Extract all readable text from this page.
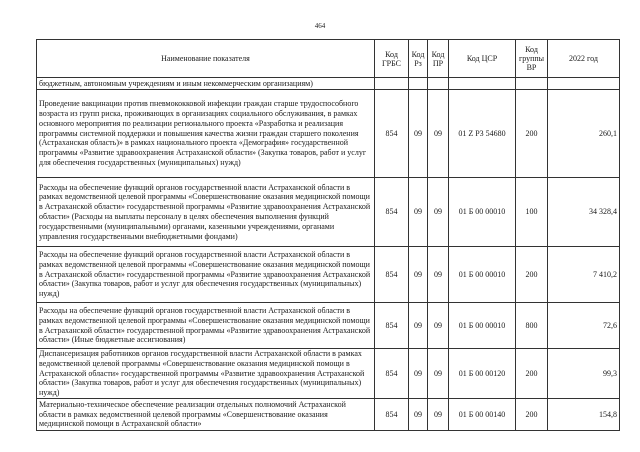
464
Наименование показателя	Код ГРБС	Код Рз	Код ПР	Код ЦСР	Код группы ВР	2022 год
бюджетным, автономным учреждениям и иным некоммерческим организациям)						
Проведение вакцинации против пневмококковой инфекции граждан старше трудоспособного возраста из групп риска, проживающих в организациях социального обслуживания, в рамках основного мероприятия по реализации регионального проекта «Разработка и реализация программы системной поддержки и повышения качества жизни граждан старшего поколения (Астраханская область)» в рамках национального проекта «Демография» государственной программы «Развитие здравоохранения Астраханской области» (Закупка товаров, работ и услуг для обеспечения государственных (муниципальных) нужд)	854	09	09	01 Z P3 54680	200	260,1
Расходы на обеспечение функций органов государственной власти Астраханской области в рамках ведомственной целевой программы «Совершенствование оказания медицинской помощи в Астраханской области» государственной программы «Развитие здравоохранения Астраханской области» (Расходы на выплаты персоналу в целях обеспечения выполнения функций государственными (муниципальными) органами, казенными учреждениями, органами управления государственными внебюджетными фондами)	854	09	09	01 Б 00 00010	100	34 328,4
Расходы на обеспечение функций органов государственной власти Астраханской области в рамках ведомственной целевой программы «Совершенствование оказания медицинской помощи в Астраханской области» государственной программы «Развитие здравоохранения Астраханской области» (Закупка товаров, работ и услуг для обеспечения государственных (муниципальных) нужд)	854	09	09	01 Б 00 00010	200	7 410,2
Расходы на обеспечение функций органов государственной власти Астраханской области в рамках ведомственной целевой программы «Совершенствование оказания медицинской помощи в Астраханской области» государственной программы «Развитие здравоохранения Астраханской области» (Иные бюджетные ассигнования)	854	09	09	01 Б 00 00010	800	72,6
Диспансеризация работников органов государственной власти Астраханской области в рамках ведомственной целевой программы «Совершенствование оказания медицинской помощи в Астраханской области» государственной программы «Развитие здравоохранения Астраханской области» (Закупка товаров, работ и услуг для обеспечения государственных (муниципальных) нужд)	854	09	09	01 Б 00 00120	200	99,3
Материально-техническое обеспечение реализации отдельных полномочий Астраханской области в рамках ведомственной целевой программы «Совершенствование оказания медицинской помощи в Астраханской области»	854	09	09	01 Б 00 00140	200	154,8
